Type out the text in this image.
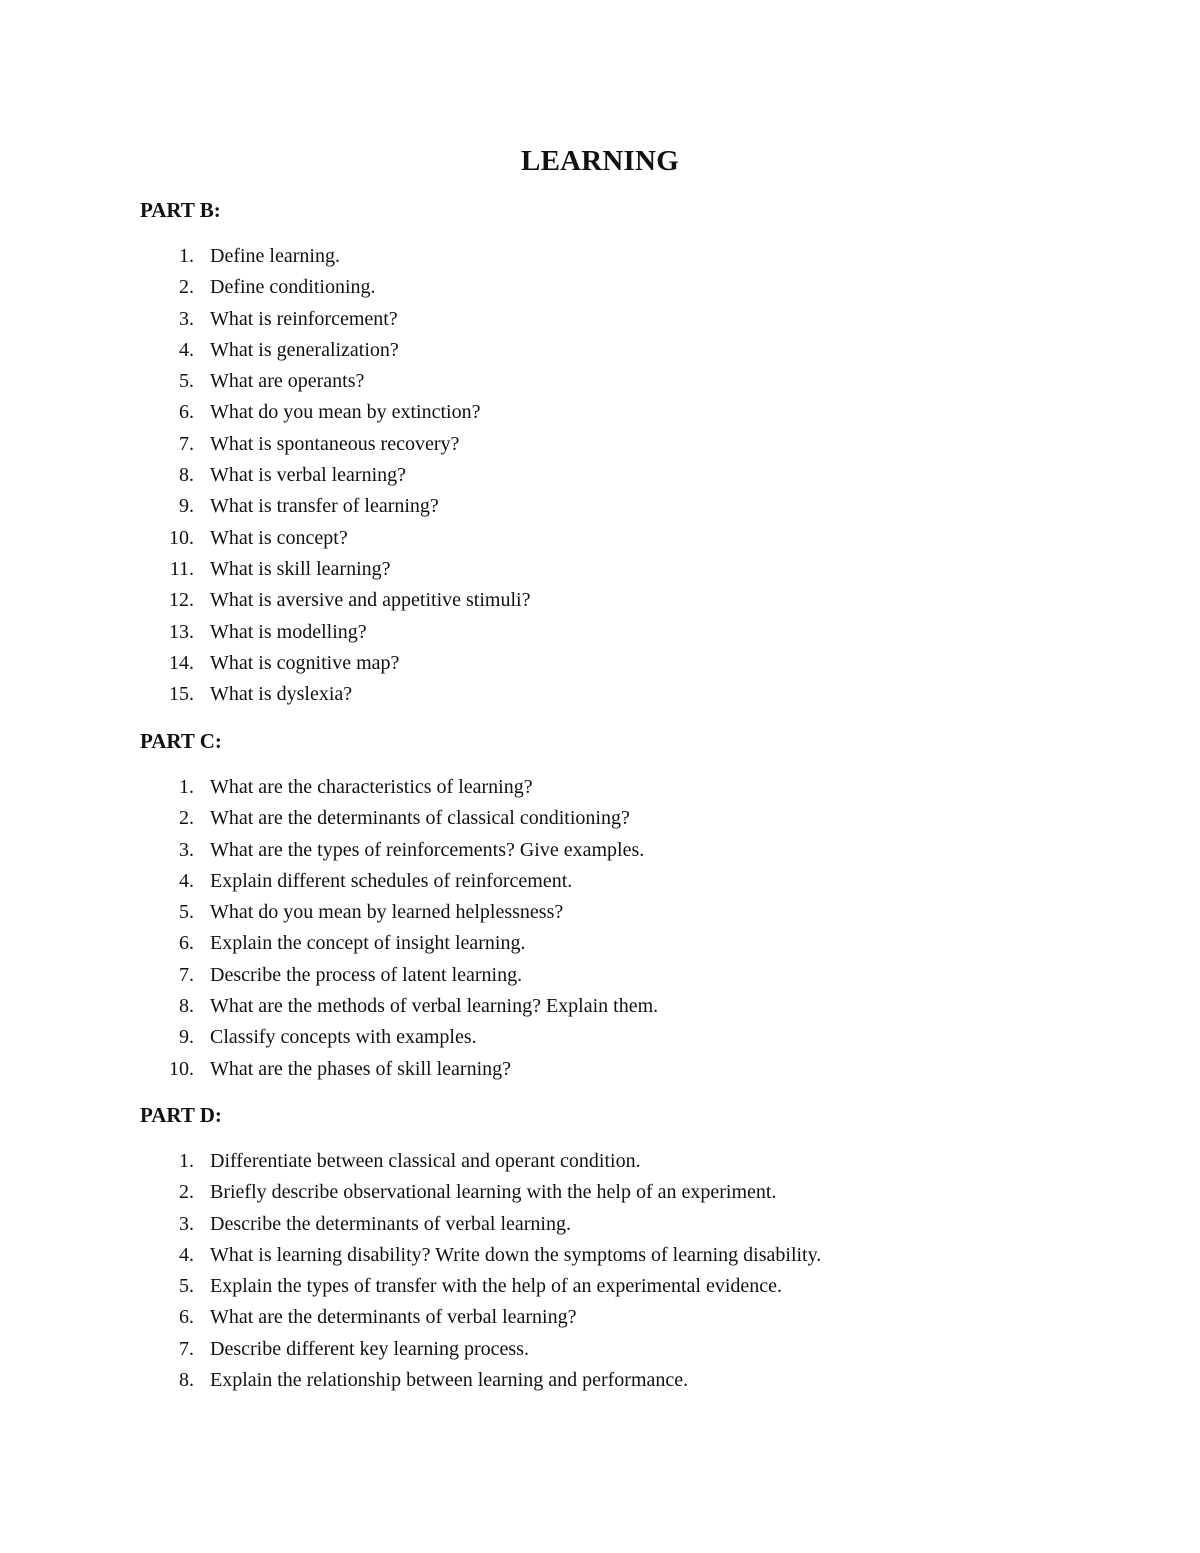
LEARNING
PART B:
1. Define learning.
2. Define conditioning.
3. What is reinforcement?
4. What is generalization?
5. What are operants?
6. What do you mean by extinction?
7. What is spontaneous recovery?
8. What is verbal learning?
9. What is transfer of learning?
10. What is concept?
11. What is skill learning?
12. What is aversive and appetitive stimuli?
13. What is modelling?
14. What is cognitive map?
15. What is dyslexia?
PART C:
1. What are the characteristics of learning?
2. What are the determinants of classical conditioning?
3. What are the types of reinforcements? Give examples.
4. Explain different schedules of reinforcement.
5. What do you mean by learned helplessness?
6. Explain the concept of insight learning.
7. Describe the process of latent learning.
8. What are the methods of verbal learning? Explain them.
9. Classify concepts with examples.
10. What are the phases of skill learning?
PART D:
1. Differentiate between classical and operant condition.
2. Briefly describe observational learning with the help of an experiment.
3. Describe the determinants of verbal learning.
4. What is learning disability? Write down the symptoms of learning disability.
5. Explain the types of transfer with the help of an experimental evidence.
6. What are the determinants of verbal learning?
7. Describe different key learning process.
8. Explain the relationship between learning and performance.
